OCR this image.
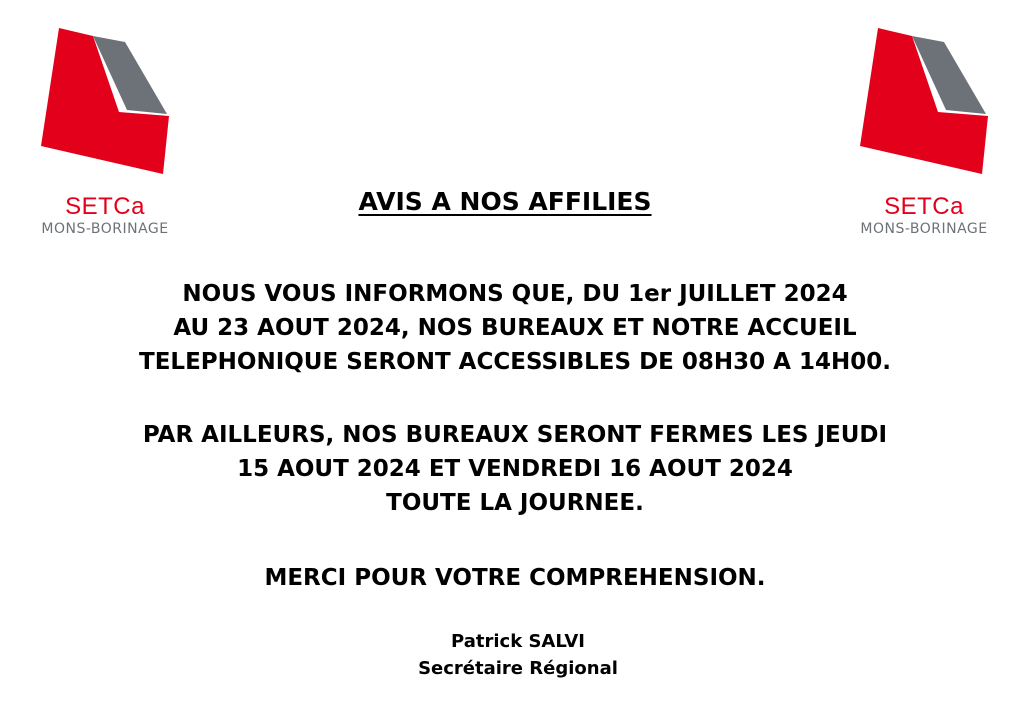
SETCa
MONS-BORINAGE
SETCa
MONS-BORINAGE
AVIS A NOS AFFILIES
NOUS VOUS INFORMONS QUE, DU 1er JUILLET 2024
AU 23 AOUT 2024, NOS BUREAUX ET NOTRE ACCUEIL
TELEPHONIQUE SERONT ACCESSIBLES DE 08H30 A 14H00.
PAR AILLEURS, NOS BUREAUX SERONT FERMES LES JEUDI
15 AOUT 2024 ET VENDREDI 16 AOUT 2024
TOUTE LA JOURNEE.
MERCI POUR VOTRE COMPREHENSION.
Patrick SALVI
Secrétaire Régional
